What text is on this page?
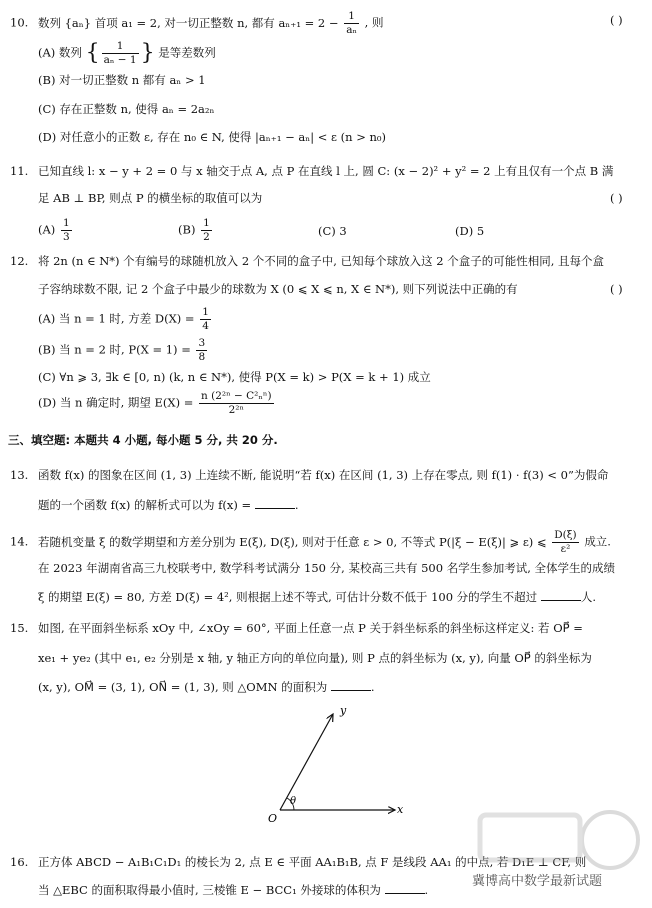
10. 数列 {aₙ} 首项 a₁ = 2, 对一切正整数 n, 都有 $a_{n+1} = 2 - \frac{1}{\text{aₙ}}$ , 则	( )
(A) 数列 { $\frac{1}{\text{aₙ − 1}}$ } 是等差数列
(B) 对一切正整数 n 都有 aₙ > 1
(C) 存在正整数 n, 使得 aₙ = 2a₂ₙ
(D) 对任意小的正数 ε, 存在 n₀ ∈ N, 使得 |aₙ₊₁ − aₙ| < ε (n > n₀)
11. 已知直线 l: x − y + 2 = 0 与 x 轴交于点 A, 点 P 在直线 l 上, 圆 C: (x − 2)² + y² = 2 上有且仅有一个点 B 满
足 AB ⊥ BP, 则点 P 的横坐标的取值可以为	( )
$(A) \frac{1}{3}$	$(B) \frac{1}{2}$	(C) 3	(D) 5
12. 将 2n (n ∈ N*) 个有编号的球随机放入 2 个不同的盒子中, 已知每个球放入这 2 个盒子的可能性相同, 且每个盒
子容纳球数不限, 记 2 个盒子中最少的球数为 X (0 ⩽ X ⩽ n, X ∈ N*), 则下列说法中正确的有	( )
(A) 当 n = 1 时, 方差 $D(X) = \frac{1}{4}$
(B) 当 n = 2 时, $P(X = 1) = \frac{3}{8}$
(C) ∀n ⩾ 3, ∃k ∈ [0, n) (k, n ∈ N*), 使得 P(X = k) > P(X = k + 1) 成立
(D) 当 n 确定时, 期望 $E(X) = \frac{\text{n (2²ⁿ − C²ₙⁿ)}}{\text{2²ⁿ}}$
三、填空题: 本题共 4 小题, 每小题 5 分, 共 20 分.
13. 函数 f(x) 的图象在区间 (1, 3) 上连续不断, 能说明“若 f(x) 在区间 (1, 3) 上存在零点, 则 f(1) · f(3) < 0”为假命
题的一个函数 f(x) 的解析式可以为 f(x) =	.
14. 若随机变量 ξ 的数学期望和方差分别为 E(ξ), D(ξ), 则对于任意 ε > 0, 不等式 P(|ξ − E(ξ)| ⩾ ε) ⩽ $\frac{D(\xi)}{\text{ε²}}$ 成立.
在 2023 年湖南省高三九校联考中, 数学科考试满分 150 分, 某校高三共有 500 名学生参加考试, 全体学生的成绩
ξ 的期望 E(ξ) = 80, 方差 D(ξ) = 4², 则根据上述不等式, 可估计分数不低于 100 分的学生不超过	人.
15. 如图, 在平面斜坐标系 xOy 中, ∠xOy = 60°, 平面上任意一点 P 关于斜坐标系的斜坐标这样定义: 若 OP⃗ =
xe₁ + ye₂ (其中 e₁, e₂ 分别是 x 轴, y 轴正方向的单位向量), 则 P 点的斜坐标为 (x, y), 向量 OP⃗ 的斜坐标为
(x, y), OM⃗ = (3, 1), ON⃗ = (1, 3), 则 △OMN 的面积为	.
y
x
O
θ
16. 正方体 ABCD − A₁B₁C₁D₁ 的棱长为 2, 点 E ∈ 平面 AA₁B₁B, 点 F 是线段 AA₁ 的中点, 若 D₁E ⊥ CF, 则
当 △EBC 的面积取得最小值时, 三棱锥 E − BCC₁ 外接球的体积为	.
冀博高中数学最新试题
